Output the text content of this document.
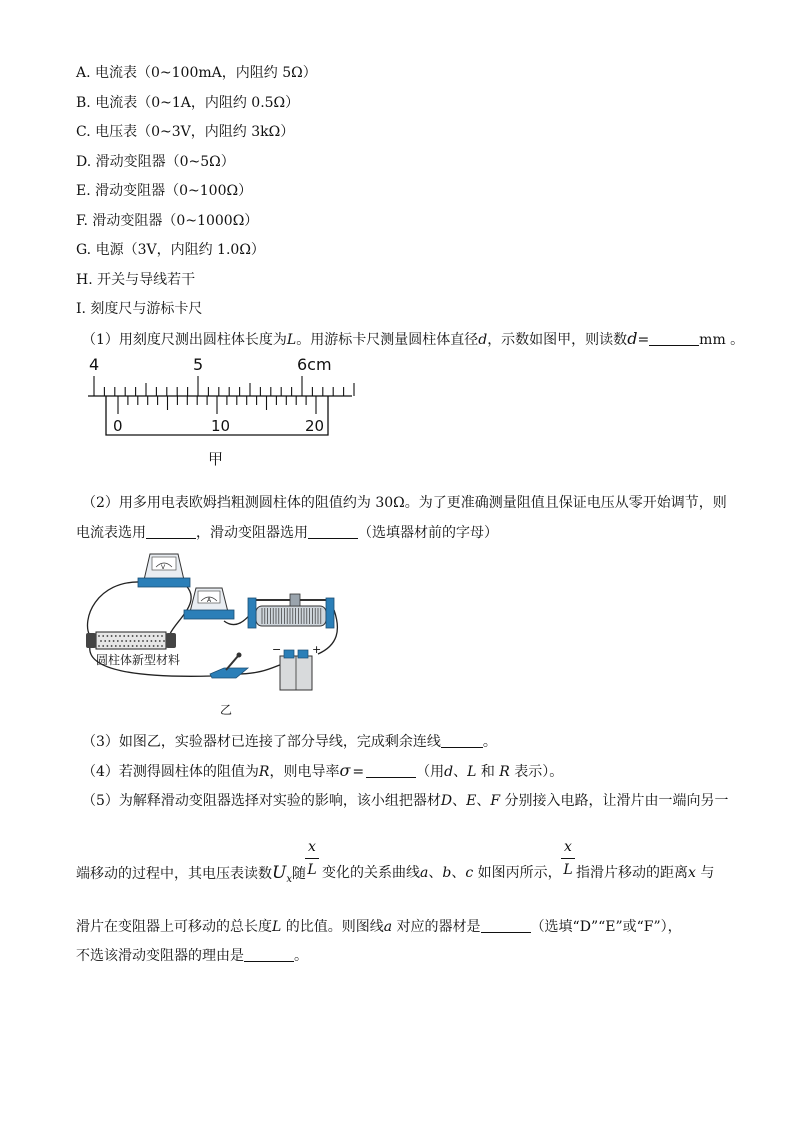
A. 电流表（0~100mA，内阻约 5Ω）
B. 电流表（0~1A，内阻约 0.5Ω）
C. 电压表（0~3V，内阻约 3kΩ）
D. 滑动变阻器（0~5Ω）
E. 滑动变阻器（0~100Ω）
F. 滑动变阻器（0~1000Ω）
G. 电源（3V，内阻约 1.0Ω）
H. 开关与导线若干
I. 刻度尺与游标卡尺
（1）用刻度尺测出圆柱体长度为L。用游标卡尺测量圆柱体直径d，示数如图甲，则读数d=	mm 。
4	5	6cm
0	10	20
甲
（2）用多用电表欧姆挡粗测圆柱体的阻值约为 30Ω。为了更准确测量阻值且保证电压从零开始调节，则
电流表选用	，滑动变阻器选用	（选填器材前的字母）
V
A
圆柱体新型材料
−	+
乙
（3）如图乙，实验器材已连接了部分导线，完成剩余连线	。
（4）若测得圆柱体的阻值为R，则电导率σ =	（用d、L 和 R 表示）。
（5）为解释滑动变阻器选择对实验的影响，该小组把器材D、E、F 分别接入电路，让滑片由一端向另一
端移动的过程中，其电压表读数$U_x$随
x
L 变化的关系曲线a、b、c 如图丙所示，
x
L 指滑片移动的距离x 与
滑片在变阻器上可移动的总长度L 的比值。则图线a 对应的器材是	（选填“D”“E”或“F”），
不选该滑动变阻器的理由是	。
